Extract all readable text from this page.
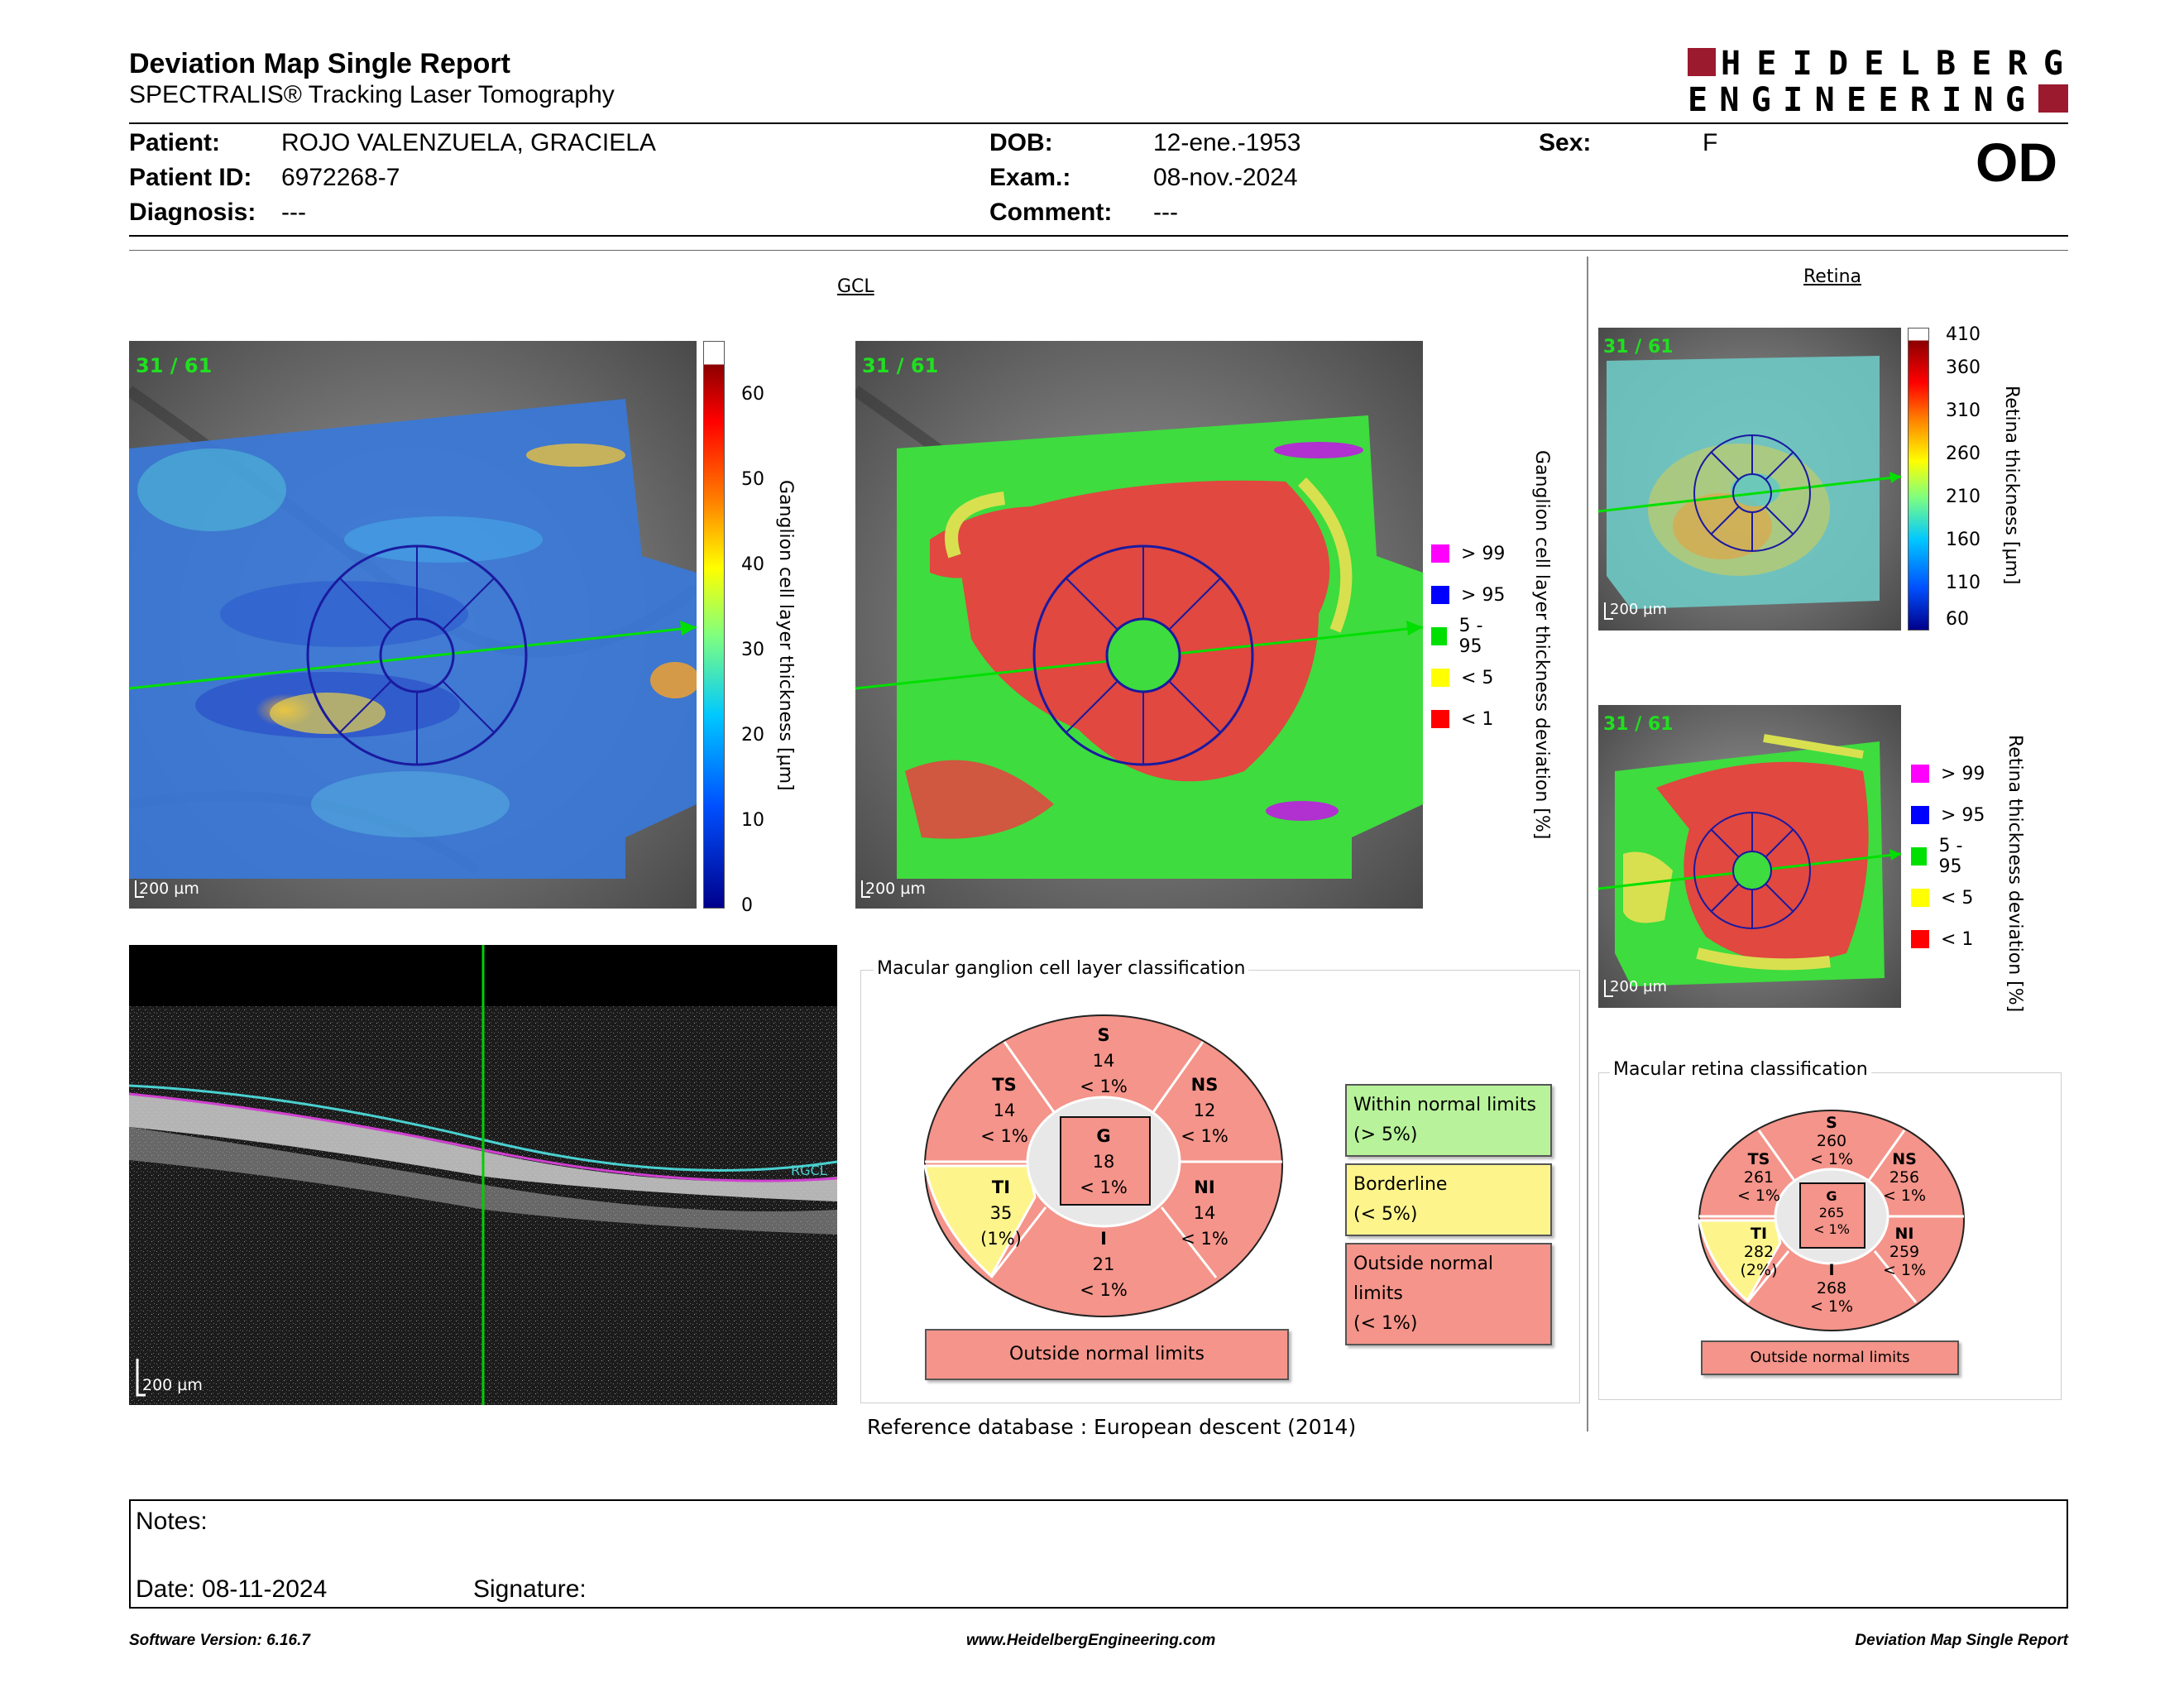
Deviation Map Single Report
SPECTRALIS® Tracking Laser Tomography
HEIDELBERG
ENGINEERING
OD
Patient: ROJO VALENZUELA, GRACIELA
Patient ID: 6972268-7
Diagnosis: ---
DOB:	12-ene.-1953
Exam.:	08-nov.-2024
Comment: ---
Sex:	F
GCL
31 / 61
200 µm
60
50
40
30
20
10
0
Ganglion cell layer thickness [µm]
31 / 61
200 µm
> 99
> 95
5 - 95
< 5
< 1 Ganglion cell layer thickness deviation [%]
RGCL
200 µm
Macular ganglion cell layer classification
S
14
< 1%
TS
14
< 1%
NS
12
< 1%
G
18
< 1%
TI
35
(1%)
NI
14
< 1%
I
21
< 1%
Within normal limits
(> 5%)
Borderline
(< 5%)
Outside normal limits
(< 1%)
Outside normal limits
Reference database : European descent (2014)
Retina
31 / 61
200 µm
410
360
310
260
210
160
110
60
Retina thickness [µm]
31 / 61
200 µm
> 99
> 95
5 - 95
< 5
< 1 Retina thickness deviation [%]
Macular retina classification
S
260
< 1%
TS
261
< 1%
NS
256
< 1%
G
265
< 1%
TI
282
(2%)
NI
259
< 1%
I
268
< 1%
Outside normal limits
Notes:
Date: 08-11-2024	Signature:
Software Version: 6.16.7	www.HeidelbergEngineering.com	Deviation Map Single Report
